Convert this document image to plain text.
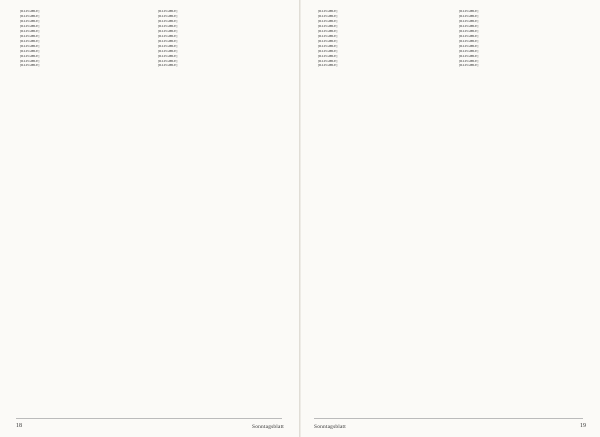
[ILLEGIBLE]

[ILLEGIBLE]

[ILLEGIBLE]

[ILLEGIBLE]

[ILLEGIBLE]

[ILLEGIBLE]

[ILLEGIBLE]

[ILLEGIBLE]

[ILLEGIBLE]

[ILLEGIBLE]

[ILLEGIBLE]

[ILLEGIBLE]

[ILLEGIBLE]

[ILLEGIBLE]

[ILLEGIBLE]

[ILLEGIBLE]

[ILLEGIBLE]

[ILLEGIBLE]

[ILLEGIBLE]

[ILLEGIBLE]

[ILLEGIBLE]

[ILLEGIBLE]

[ILLEGIBLE]

[ILLEGIBLE]

18	Sonntagsblatt

[ILLEGIBLE]

[ILLEGIBLE]

[ILLEGIBLE]

[ILLEGIBLE]

[ILLEGIBLE]

[ILLEGIBLE]

[ILLEGIBLE]

[ILLEGIBLE]

[ILLEGIBLE]

[ILLEGIBLE]

[ILLEGIBLE]

[ILLEGIBLE]

[ILLEGIBLE]

[ILLEGIBLE]

[ILLEGIBLE]

[ILLEGIBLE]

[ILLEGIBLE]

[ILLEGIBLE]

[ILLEGIBLE]

[ILLEGIBLE]

[ILLEGIBLE]

[ILLEGIBLE]

[ILLEGIBLE]

[ILLEGIBLE]

Sonntagsblatt	19
